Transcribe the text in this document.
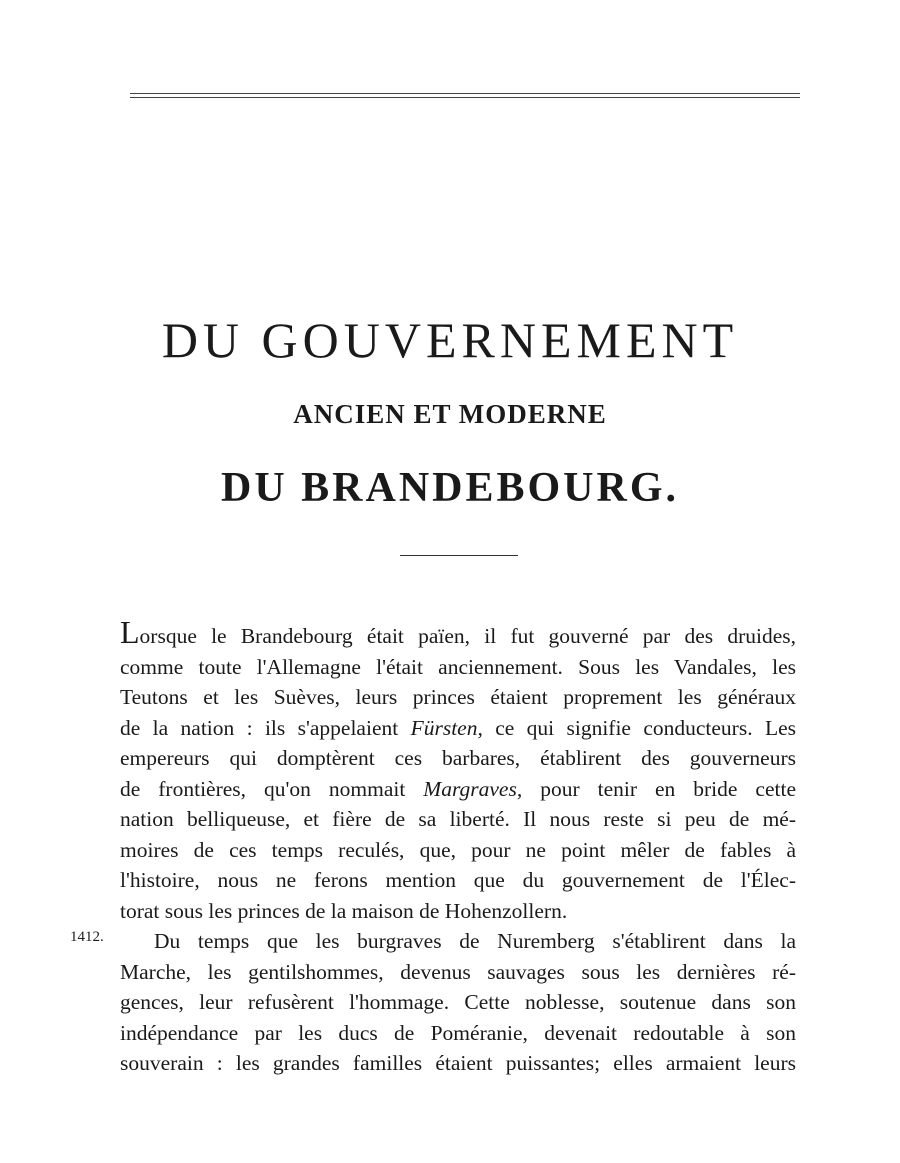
DU GOUVERNEMENT
ANCIEN ET MODERNE
DU BRANDEBOURG.
1412.
Lorsque le Brandebourg était païen, il fut gouverné par des druides,
comme toute l'Allemagne l'était anciennement. Sous les Vandales, les
Teutons et les Suèves, leurs princes étaient proprement les généraux
de la nation : ils s'appelaient Fürsten, ce qui signifie conducteurs. Les
empereurs qui domptèrent ces barbares, établirent des gouverneurs
de frontières, qu'on nommait Margraves, pour tenir en bride cette
nation belliqueuse, et fière de sa liberté. Il nous reste si peu de mé-
moires de ces temps reculés, que, pour ne point mêler de fables à
l'histoire, nous ne ferons mention que du gouvernement de l'Élec-
torat sous les princes de la maison de Hohenzollern.
Du temps que les burgraves de Nuremberg s'établirent dans la
Marche, les gentilshommes, devenus sauvages sous les dernières ré-
gences, leur refusèrent l'hommage. Cette noblesse, soutenue dans son
indépendance par les ducs de Poméranie, devenait redoutable à son
souverain : les grandes familles étaient puissantes; elles armaient leurs
